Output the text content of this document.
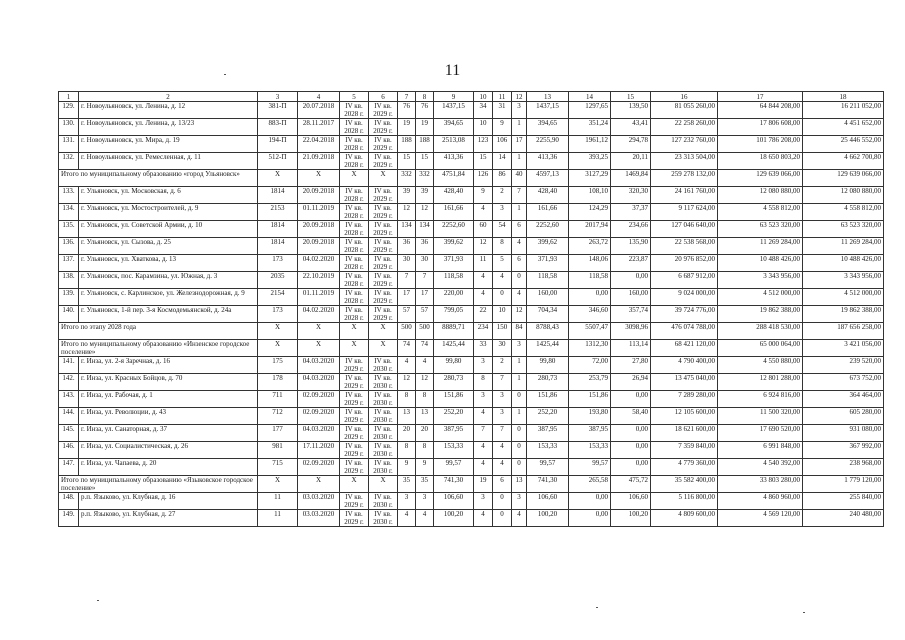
11
1	2	3	4	5	6	7	8	9	10	11	12	13	14	15	16	17	18
129.	г. Новоульяновск, ул. Ленина, д. 12	381-П	20.07.2018	IV кв. 2028 г.	IV кв. 2029 г.	76	76	1437,15	34	31	3	1437,15	1297,65	139,50	81 055 260,00	64 844 208,00	16 211 052,00
130.	г. Новоульяновск, ул. Ленина, д. 13/23	883-П	28.11.2017	IV кв. 2028 г.	IV кв. 2029 г.	19	19	394,65	10	9	1	394,65	351,24	43,41	22 258 260,00	17 806 608,00	4 451 652,00
131.	г. Новоульяновск, ул. Мира, д. 19	194-П	22.04.2018	IV кв. 2028 г.	IV кв. 2029 г.	188	188	2513,08	123	106	17	2255,90	1961,12	294,78	127 232 760,00	101 786 208,00	25 446 552,00
132.	г. Новоульяновск, ул. Ремесленная, д. 11	512-П	21.09.2018	IV кв. 2028 г.	IV кв. 2029 г.	15	15	413,36	15	14	1	413,36	393,25	20,11	23 313 504,00	18 650 803,20	4 662 700,80
Итого по муниципальному образованию «город Ульяновск»		X	X	X	X	332	332	4751,84	126	86	40	4597,13	3127,29	1469,84	259 278 132,00	129 639 066,00	129 639 066,00
133.	г. Ульяновск, ул. Московская, д. 6	1814	20.09.2018	IV кв. 2028 г.	IV кв. 2029 г.	39	39	428,40	9	2	7	428,40	108,10	320,30	24 161 760,00	12 080 880,00	12 080 880,00
134.	г. Ульяновск, ул. Мостостроителей, д. 9	2153	01.11.2019	IV кв. 2028 г.	IV кв. 2029 г.	12	12	161,66	4	3	1	161,66	124,29	37,37	9 117 624,00	4 558 812,00	4 558 812,00
135.	г. Ульяновск, ул. Советской Армии, д. 10	1814	20.09.2018	IV кв. 2028 г.	IV кв. 2029 г.	134	134	2252,60	60	54	6	2252,60	2017,94	234,66	127 046 640,00	63 523 320,00	63 523 320,00
136.	г. Ульяновск, ул. Сызова, д. 25	1814	20.09.2018	IV кв. 2028 г.	IV кв. 2029 г.	36	36	399,62	12	8	4	399,62	263,72	135,90	22 538 568,00	11 269 284,00	11 269 284,00
137.	г. Ульяновск, ул. Хваткова, д. 13	173	04.02.2020	IV кв. 2028 г.	IV кв. 2029 г.	30	30	371,93	11	5	6	371,93	148,06	223,87	20 976 852,00	10 488 426,00	10 488 426,00
138.	г. Ульяновск, пос. Карамзина, ул. Южная, д. 3	2035	22.10.2019	IV кв. 2028 г.	IV кв. 2029 г.	7	7	118,58	4	4	0	118,58	118,58	0,00	6 687 912,00	3 343 956,00	3 343 956,00
139.	г. Ульяновск, с. Карлинское, ул. Железнодорожная, д. 9	2154	01.11.2019	IV кв. 2028 г.	IV кв. 2029 г.	17	17	220,00	4	0	4	160,00	0,00	160,00	9 024 000,00	4 512 000,00	4 512 000,00
140.	г. Ульяновск, 1-й пер. 3-я Космодемьянской, д. 24а	173	04.02.2020	IV кв. 2028 г.	IV кв. 2029 г.	57	57	799,05	22	10	12	704,34	346,60	357,74	39 724 776,00	19 862 388,00	19 862 388,00
Итого по этапу 2028 года		X	X	X	X	500	500	8889,71	234	150	84	8788,43	5507,47	3098,96	476 074 788,00	288 418 530,00	187 656 258,00
Итого по муниципальному образованию «Инзенское городское поселение»		X	X	X	X	74	74	1425,44	33	30	3	1425,44	1312,30	113,14	68 421 120,00	65 000 064,00	3 421 056,00
141.	г. Инза, ул. 2-я Заречная, д. 16	175	04.03.2020	IV кв. 2029 г.	IV кв. 2030 г.	4	4	99,80	3	2	1	99,80	72,00	27,80	4 790 400,00	4 550 880,00	239 520,00
142.	г. Инза, ул. Красных Бойцов, д. 70	178	04.03.2020	IV кв. 2029 г.	IV кв. 2030 г.	12	12	280,73	8	7	1	280,73	253,79	26,94	13 475 040,00	12 801 288,00	673 752,00
143.	г. Инза, ул. Рабочая, д. 1	711	02.09.2020	IV кв. 2029 г.	IV кв. 2030 г.	8	8	151,86	3	3	0	151,86	151,86	0,00	7 289 280,00	6 924 816,00	364 464,00
144.	г. Инза, ул. Революции, д. 43	712	02.09.2020	IV кв. 2029 г.	IV кв. 2030 г.	13	13	252,20	4	3	1	252,20	193,80	58,40	12 105 600,00	11 500 320,00	605 280,00
145.	г. Инза, ул. Санаторная, д. 37	177	04.03.2020	IV кв. 2029 г.	IV кв. 2030 г.	20	20	387,95	7	7	0	387,95	387,95	0,00	18 621 600,00	17 690 520,00	931 080,00
146.	г. Инза, ул. Социалистическая, д. 26	981	17.11.2020	IV кв. 2029 г.	IV кв. 2030 г.	8	8	153,33	4	4	0	153,33	153,33	0,00	7 359 840,00	6 991 848,00	367 992,00
147.	г. Инза, ул. Чапаева, д. 20	715	02.09.2020	IV кв. 2029 г.	IV кв. 2030 г.	9	9	99,57	4	4	0	99,57	99,57	0,00	4 779 360,00	4 540 392,00	238 968,00
Итого по муниципальному образованию «Языковское городское поселение»		X	X	X	X	35	35	741,30	19	6	13	741,30	265,58	475,72	35 582 400,00	33 803 280,00	1 779 120,00
148.	р.п. Языково, ул. Клубная, д. 16	11	03.03.2020	IV кв. 2029 г.	IV кв. 2030 г.	3	3	106,60	3	0	3	106,60	0,00	106,60	5 116 800,00	4 860 960,00	255 840,00
149.	р.п. Языково, ул. Клубная, д. 27	11	03.03.2020	IV кв. 2029 г.	IV кв. 2030 г.	4	4	100,20	4	0	4	100,20	0,00	100,20	4 809 600,00	4 569 120,00	240 480,00
